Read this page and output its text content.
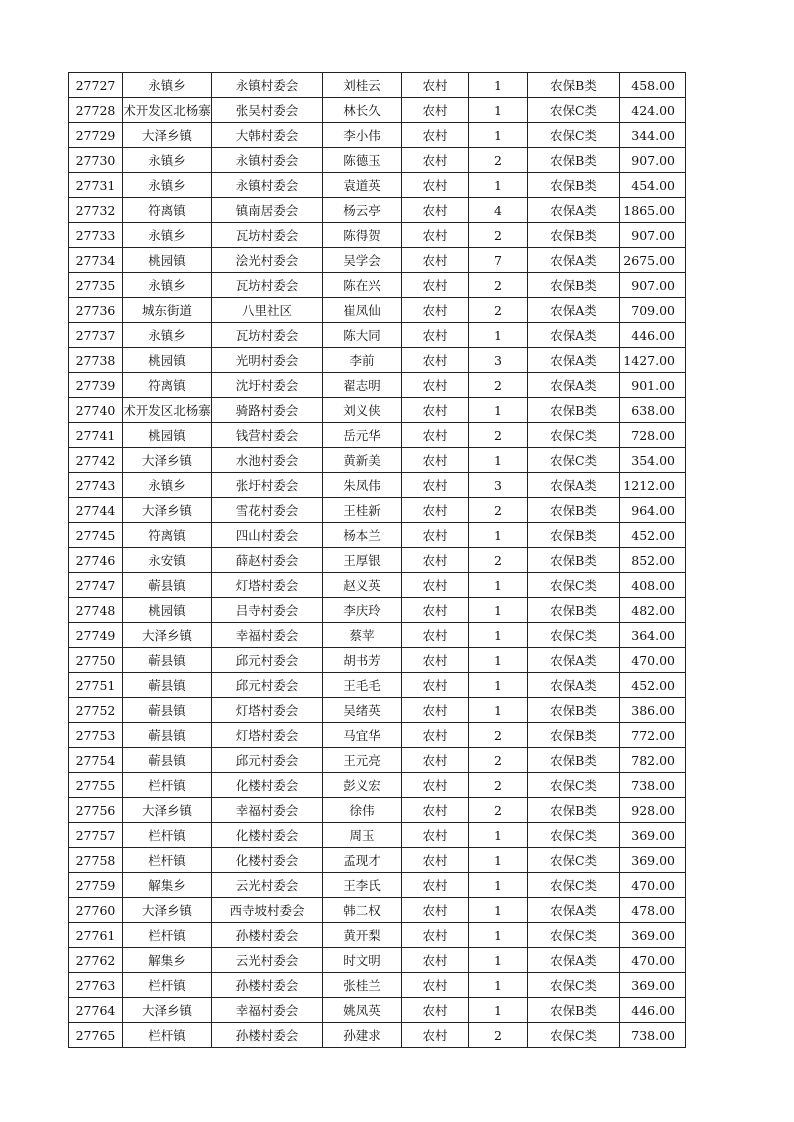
27727	永镇乡	永镇村委会	刘桂云	农村	1	农保B类	458.00
27728	术开发区北杨寨	张吴村委会	林长久	农村	1	农保C类	424.00
27729	大泽乡镇	大韩村委会	李小伟	农村	1	农保C类	344.00
27730	永镇乡	永镇村委会	陈德玉	农村	2	农保B类	907.00
27731	永镇乡	永镇村委会	袁道英	农村	1	农保B类	454.00
27732	符离镇	镇南居委会	杨云亭	农村	4	农保A类	1865.00
27733	永镇乡	瓦坊村委会	陈得贺	农村	2	农保B类	907.00
27734	桃园镇	浍光村委会	吴学会	农村	7	农保A类	2675.00
27735	永镇乡	瓦坊村委会	陈在兴	农村	2	农保B类	907.00
27736	城东街道	八里社区	崔凤仙	农村	2	农保A类	709.00
27737	永镇乡	瓦坊村委会	陈大同	农村	1	农保A类	446.00
27738	桃园镇	光明村委会	李前	农村	3	农保A类	1427.00
27739	符离镇	沈圩村委会	翟志明	农村	2	农保A类	901.00
27740	术开发区北杨寨	骑路村委会	刘义侠	农村	1	农保B类	638.00
27741	桃园镇	钱营村委会	岳元华	农村	2	农保C类	728.00
27742	大泽乡镇	水池村委会	黄新美	农村	1	农保C类	354.00
27743	永镇乡	张圩村委会	朱凤伟	农村	3	农保A类	1212.00
27744	大泽乡镇	雪花村委会	王桂新	农村	2	农保B类	964.00
27745	符离镇	四山村委会	杨本兰	农村	1	农保B类	452.00
27746	永安镇	薛赵村委会	王厚银	农村	2	农保B类	852.00
27747	蕲县镇	灯塔村委会	赵义英	农村	1	农保C类	408.00
27748	桃园镇	吕寺村委会	李庆玲	农村	1	农保B类	482.00
27749	大泽乡镇	幸福村委会	蔡苹	农村	1	农保C类	364.00
27750	蕲县镇	邱元村委会	胡书芳	农村	1	农保A类	470.00
27751	蕲县镇	邱元村委会	王毛毛	农村	1	农保A类	452.00
27752	蕲县镇	灯塔村委会	吴绪英	农村	1	农保B类	386.00
27753	蕲县镇	灯塔村委会	马宜华	农村	2	农保B类	772.00
27754	蕲县镇	邱元村委会	王元亮	农村	2	农保B类	782.00
27755	栏杆镇	化楼村委会	彭义宏	农村	2	农保C类	738.00
27756	大泽乡镇	幸福村委会	徐伟	农村	2	农保B类	928.00
27757	栏杆镇	化楼村委会	周玉	农村	1	农保C类	369.00
27758	栏杆镇	化楼村委会	孟现才	农村	1	农保C类	369.00
27759	解集乡	云光村委会	王李氏	农村	1	农保C类	470.00
27760	大泽乡镇	西寺坡村委会	韩二权	农村	1	农保A类	478.00
27761	栏杆镇	孙楼村委会	黄开梨	农村	1	农保C类	369.00
27762	解集乡	云光村委会	时文明	农村	1	农保A类	470.00
27763	栏杆镇	孙楼村委会	张桂兰	农村	1	农保C类	369.00
27764	大泽乡镇	幸福村委会	姚凤英	农村	1	农保B类	446.00
27765	栏杆镇	孙楼村委会	孙建求	农村	2	农保C类	738.00
